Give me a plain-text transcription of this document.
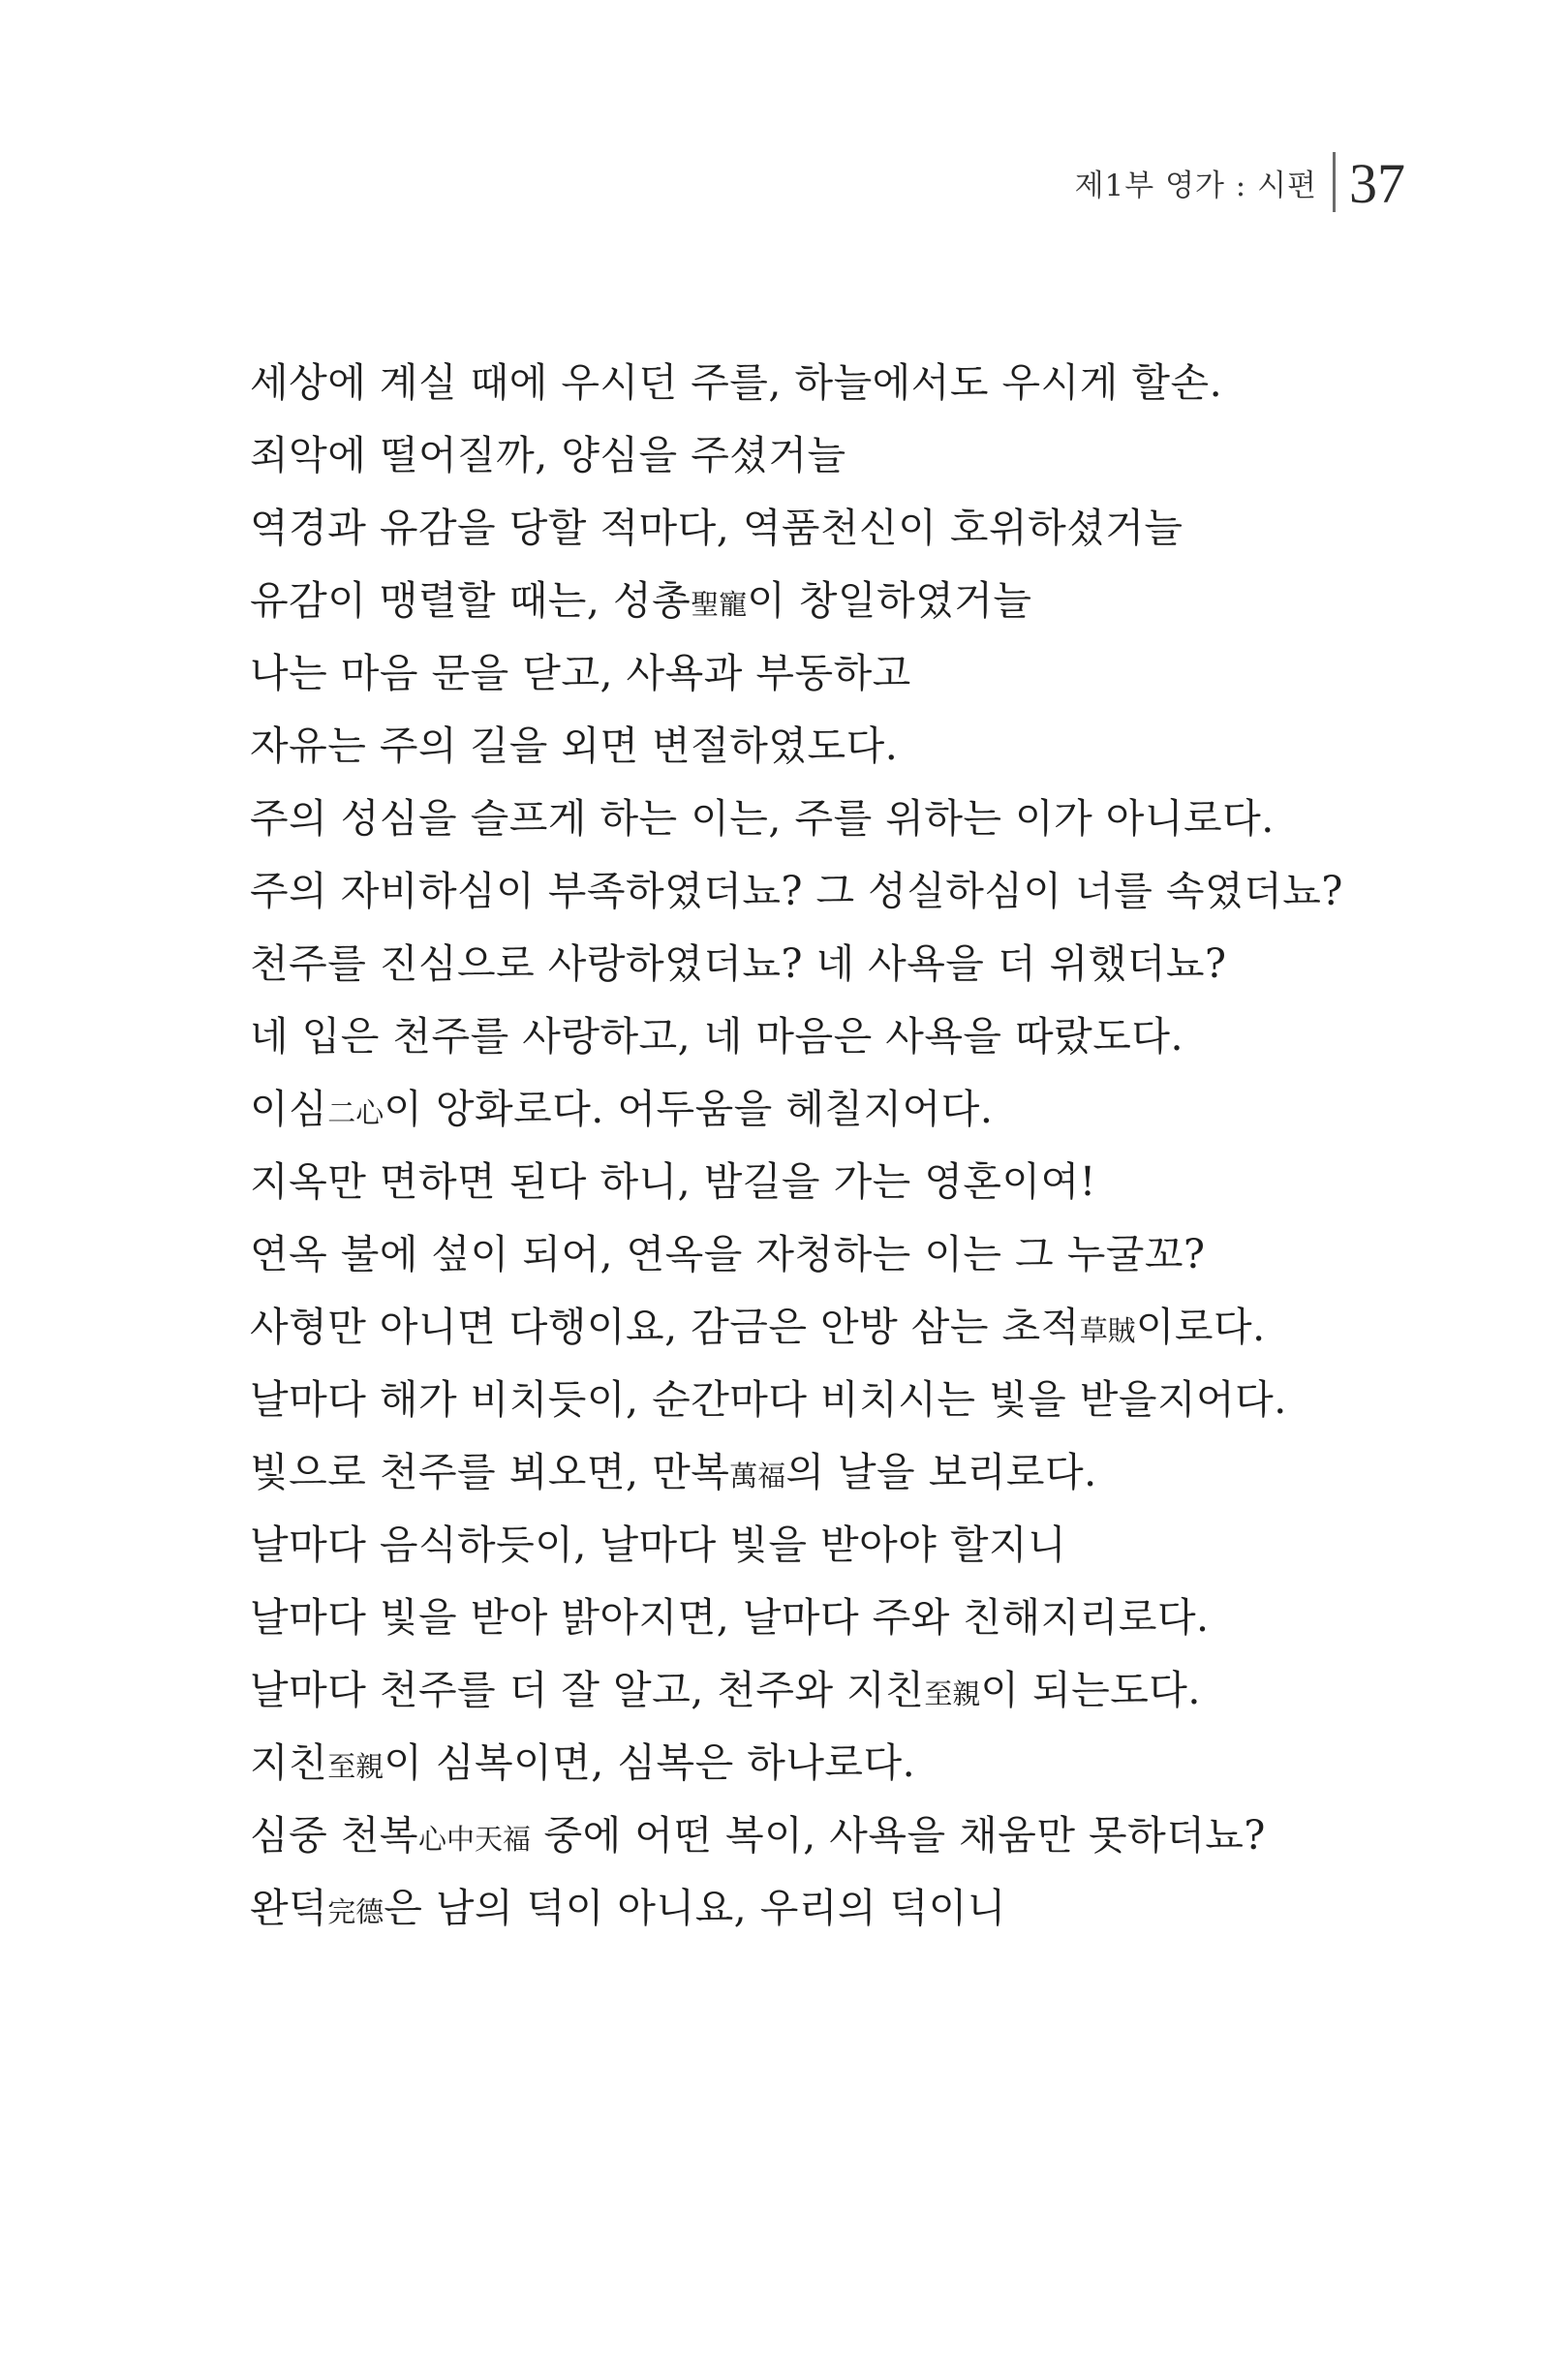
제1부 영가 : 시편 37
세상에 계실 때에 우시던 주를, 하늘에서도 우시게 할손.
죄악에 떨어질까, 양심을 주셨거늘
역경과 유감을 당할 적마다, 역품천신이 호위하셨거늘
유감이 맹렬할 때는, 성총聖寵이 창일하였거늘
나는 마음 문을 닫고, 사욕과 부동하고
자유는 주의 길을 외면 변절하였도다.
주의 성심을 슬프게 하는 이는, 주를 위하는 이가 아니로다.
주의 자비하심이 부족하였더뇨? 그 성실하심이 너를 속였더뇨?
천주를 진심으로 사랑하였더뇨? 네 사욕을 더 위했더뇨?
네 입은 천주를 사랑하고, 네 마음은 사욕을 따랐도다.
이심二心이 앙화로다. 어두움을 헤칠지어다.
지옥만 면하면 된다 하니, 밤길을 가는 영혼이여!
연옥 불에 섶이 되어, 연옥을 자청하는 이는 그 누굴꼬?
사형만 아니면 다행이요, 감금은 안방 삼는 초적草賊이로다.
날마다 해가 비치듯이, 순간마다 비치시는 빛을 받을지어다.
빛으로 천주를 뵈오면, 만복萬福의 날을 보리로다.
날마다 음식하듯이, 날마다 빛을 받아야 할지니
날마다 빛을 받아 밝아지면, 날마다 주와 친해지리로다.
날마다 천주를 더 잘 알고, 천주와 지친至親이 되는도다.
지친至親이 심복이면, 심복은 하나로다.
심중 천복心中天福 중에 어떤 복이, 사욕을 채움만 못하더뇨?
완덕完德은 남의 덕이 아니요, 우리의 덕이니
